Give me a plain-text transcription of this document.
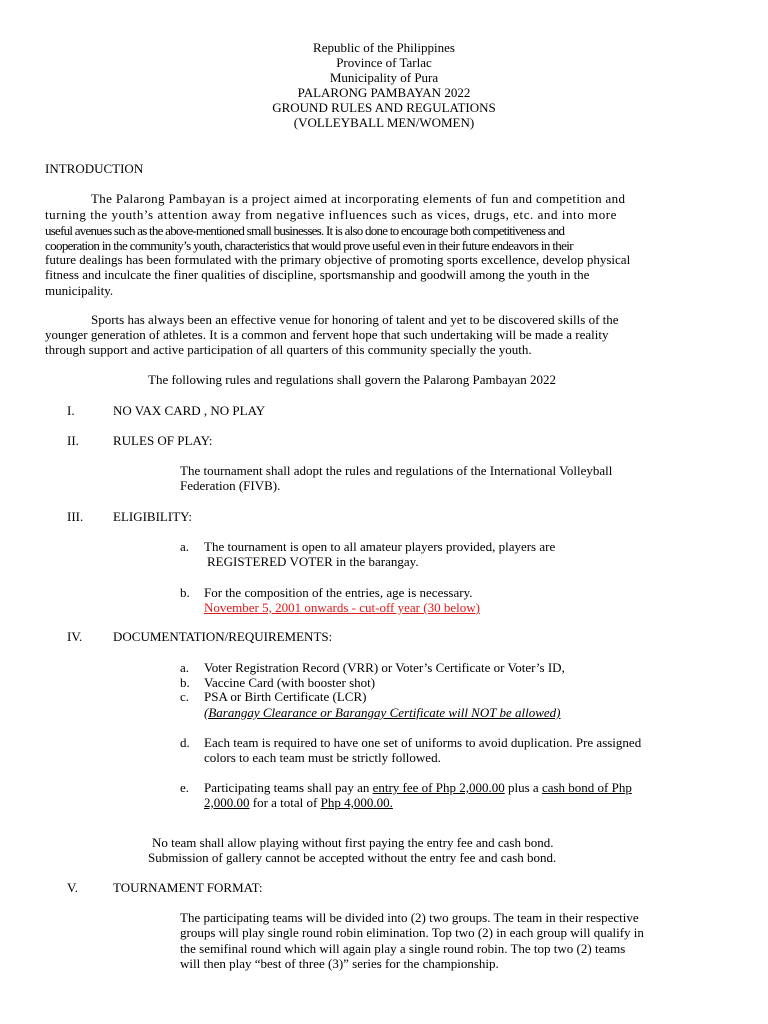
Republic of the Philippines
Province of Tarlac
Municipality of Pura
PALARONG PAMBAYAN 2022
GROUND RULES AND REGULATIONS
(VOLLEYBALL MEN/WOMEN)
INTRODUCTION
The Palarong Pambayan is a project aimed at incorporating elements of fun and competition and
turning the youth’s attention away from negative influences such as vices, drugs, etc. and into more
useful avenues such as the above-mentioned small businesses. It is also done to encourage both competitiveness and
cooperation in the community’s youth, characteristics that would prove useful even in their future endeavors in their
future dealings has been formulated with the primary objective of promoting sports excellence, develop physical
fitness and inculcate the finer qualities of discipline, sportsmanship and goodwill among the youth in the
municipality.
Sports has always been an effective venue for honoring of talent and yet to be discovered skills of the
younger generation of athletes. It is a common and fervent hope that such undertaking will be made a reality
through support and active participation of all quarters of this community specially the youth.
The following rules and regulations shall govern the Palarong Pambayan 2022
I.	NO VAX CARD , NO PLAY
II.	RULES OF PLAY:
The tournament shall adopt the rules and regulations of the International Volleyball
Federation (FIVB).
III. ELIGIBILITY:
a. The tournament is open to all amateur players provided, players are
REGISTERED VOTER in the barangay.
b. For the composition of the entries, age is necessary.
November 5, 2001 onwards - cut-off year (30 below)
IV. DOCUMENTATION/REQUIREMENTS:
a. Voter Registration Record (VRR) or Voter’s Certificate or Voter’s ID,
b. Vaccine Card (with booster shot)
c. PSA or Birth Certificate (LCR)
(Barangay Clearance or Barangay Certificate will NOT be allowed)
d. Each team is required to have one set of uniforms to avoid duplication. Pre assigned
colors to each team must be strictly followed.
e. Participating teams shall pay an entry fee of Php 2,000.00 plus a cash bond of Php
2,000.00 for a total of Php 4,000.00.
No team shall allow playing without first paying the entry fee and cash bond.
Submission of gallery cannot be accepted without the entry fee and cash bond.
V.	TOURNAMENT FORMAT:
The participating teams will be divided into (2) two groups. The team in their respective
groups will play single round robin elimination. Top two (2) in each group will qualify in
the semifinal round which will again play a single round robin. The top two (2) teams
will then play “best of three (3)” series for the championship.
